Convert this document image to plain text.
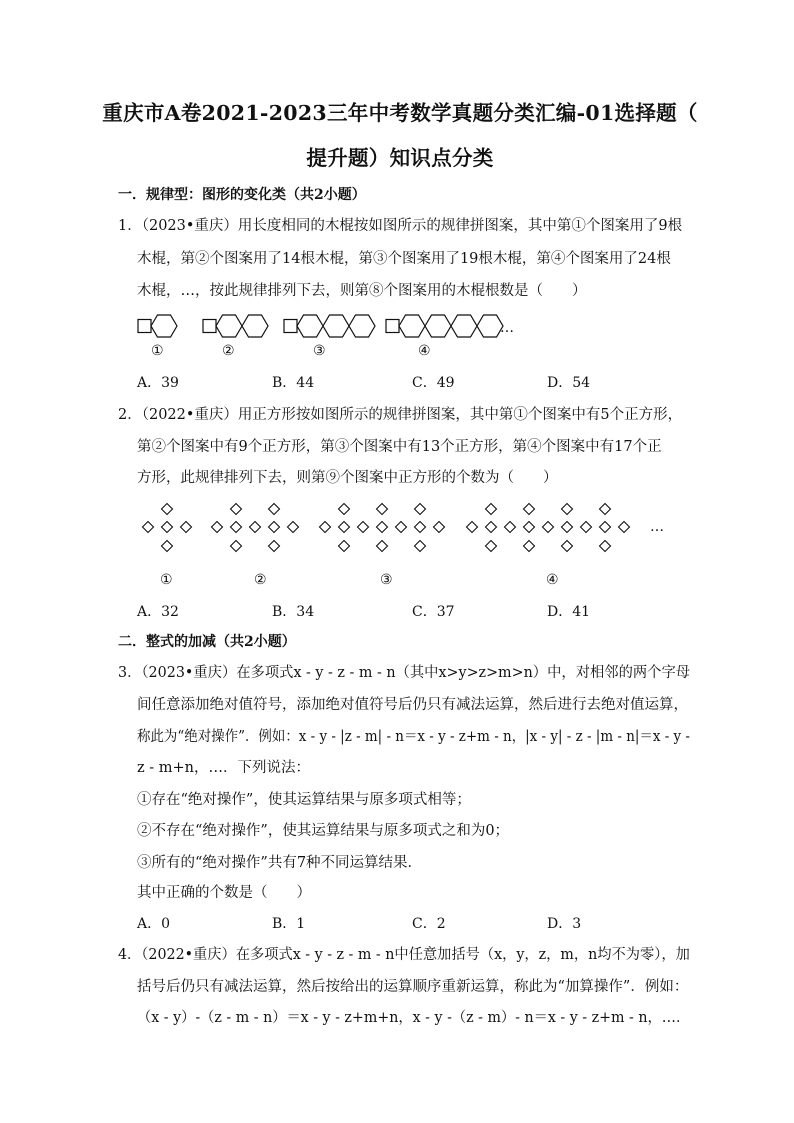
重庆市A卷2021-2023三年中考数学真题分类汇编-01选择题（
提升题）知识点分类
一．规律型：图形的变化类（共2小题）
1．（2023•重庆）用长度相同的木棍按如图所示的规律拼图案，其中第①个图案用了9根
木棍，第②个图案用了14根木棍，第③个图案用了19根木棍，第④个图案用了24根
木棍，…，按此规律排列下去，则第⑧个图案用的木棍根数是（　　）
…
①	②	③	④
A．39	B．44	C．49	D．54
2．（2022•重庆）用正方形按如图所示的规律拼图案，其中第①个图案中有5个正方形，
第②个图案中有9个正方形，第③个图案中有13个正方形，第④个图案中有17个正
方形，此规律排列下去，则第⑨个图案中正方形的个数为（　　）
…
①	②	③	④
A．32	B．34	C．37	D．41
二．整式的加减（共2小题）
3．（2023•重庆）在多项式x - y - z - m - n（其中x>y>z>m>n）中，对相邻的两个字母
间任意添加绝对值符号，添加绝对值符号后仍只有减法运算，然后进行去绝对值运算，
称此为“绝对操作”．例如：x - y - |z - m| - n＝x - y - z+m - n，|x - y| - z - |m - n|＝x - y -
z - m+n，…．下列说法：
①存在“绝对操作”，使其运算结果与原多项式相等；
②不存在“绝对操作”，使其运算结果与原多项式之和为0；
③所有的“绝对操作”共有7种不同运算结果．
其中正确的个数是（　　）
A．0	B．1	C．2	D．3
4．（2022•重庆）在多项式x - y - z - m - n中任意加括号（x，y，z，m，n均不为零），加
括号后仍只有减法运算，然后按给出的运算顺序重新运算，称此为“加算操作”．例如：
（x - y）-（z - m - n）＝x - y - z+m+n，x - y -（z - m）- n＝x - y - z+m - n，…．
